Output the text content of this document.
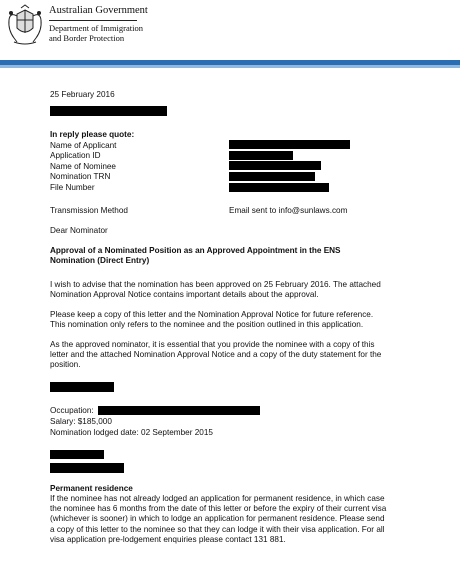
Australian Government
Department of Immigration
and Border Protection
25 February 2016
In reply please quote:
Name of Applicant
Application ID
Name of Nominee
Nomination TRN
File Number
Transmission Method	Email sent to info@sunlaws.com
Dear Nominator
Approval of a Nominated Position as an Approved Appointment in the ENS
Nomination (Direct Entry)
I wish to advise that the nomination has been approved on 25 February 2016. The attached
Nomination Approval Notice contains important details about the approval.
Please keep a copy of this letter and the Nomination Approval Notice for future reference.
This nomination only refers to the nominee and the position outlined in this application.
As the approved nominator, it is essential that you provide the nominee with a copy of this
letter and the attached Nomination Approval Notice and a copy of the duty statement for the
position.
Occupation:
Salary: $185,000
Nomination lodged date: 02 September 2015
Permanent residence
If the nominee has not already lodged an application for permanent residence, in which case
the nominee has 6 months from the date of this letter or before the expiry of their current visa
(whichever is sooner) in which to lodge an application for permanent residence. Please send
a copy of this letter to the nominee so that they can lodge it with their visa application. For all
visa application pre-lodgement enquiries please contact 131 881.
